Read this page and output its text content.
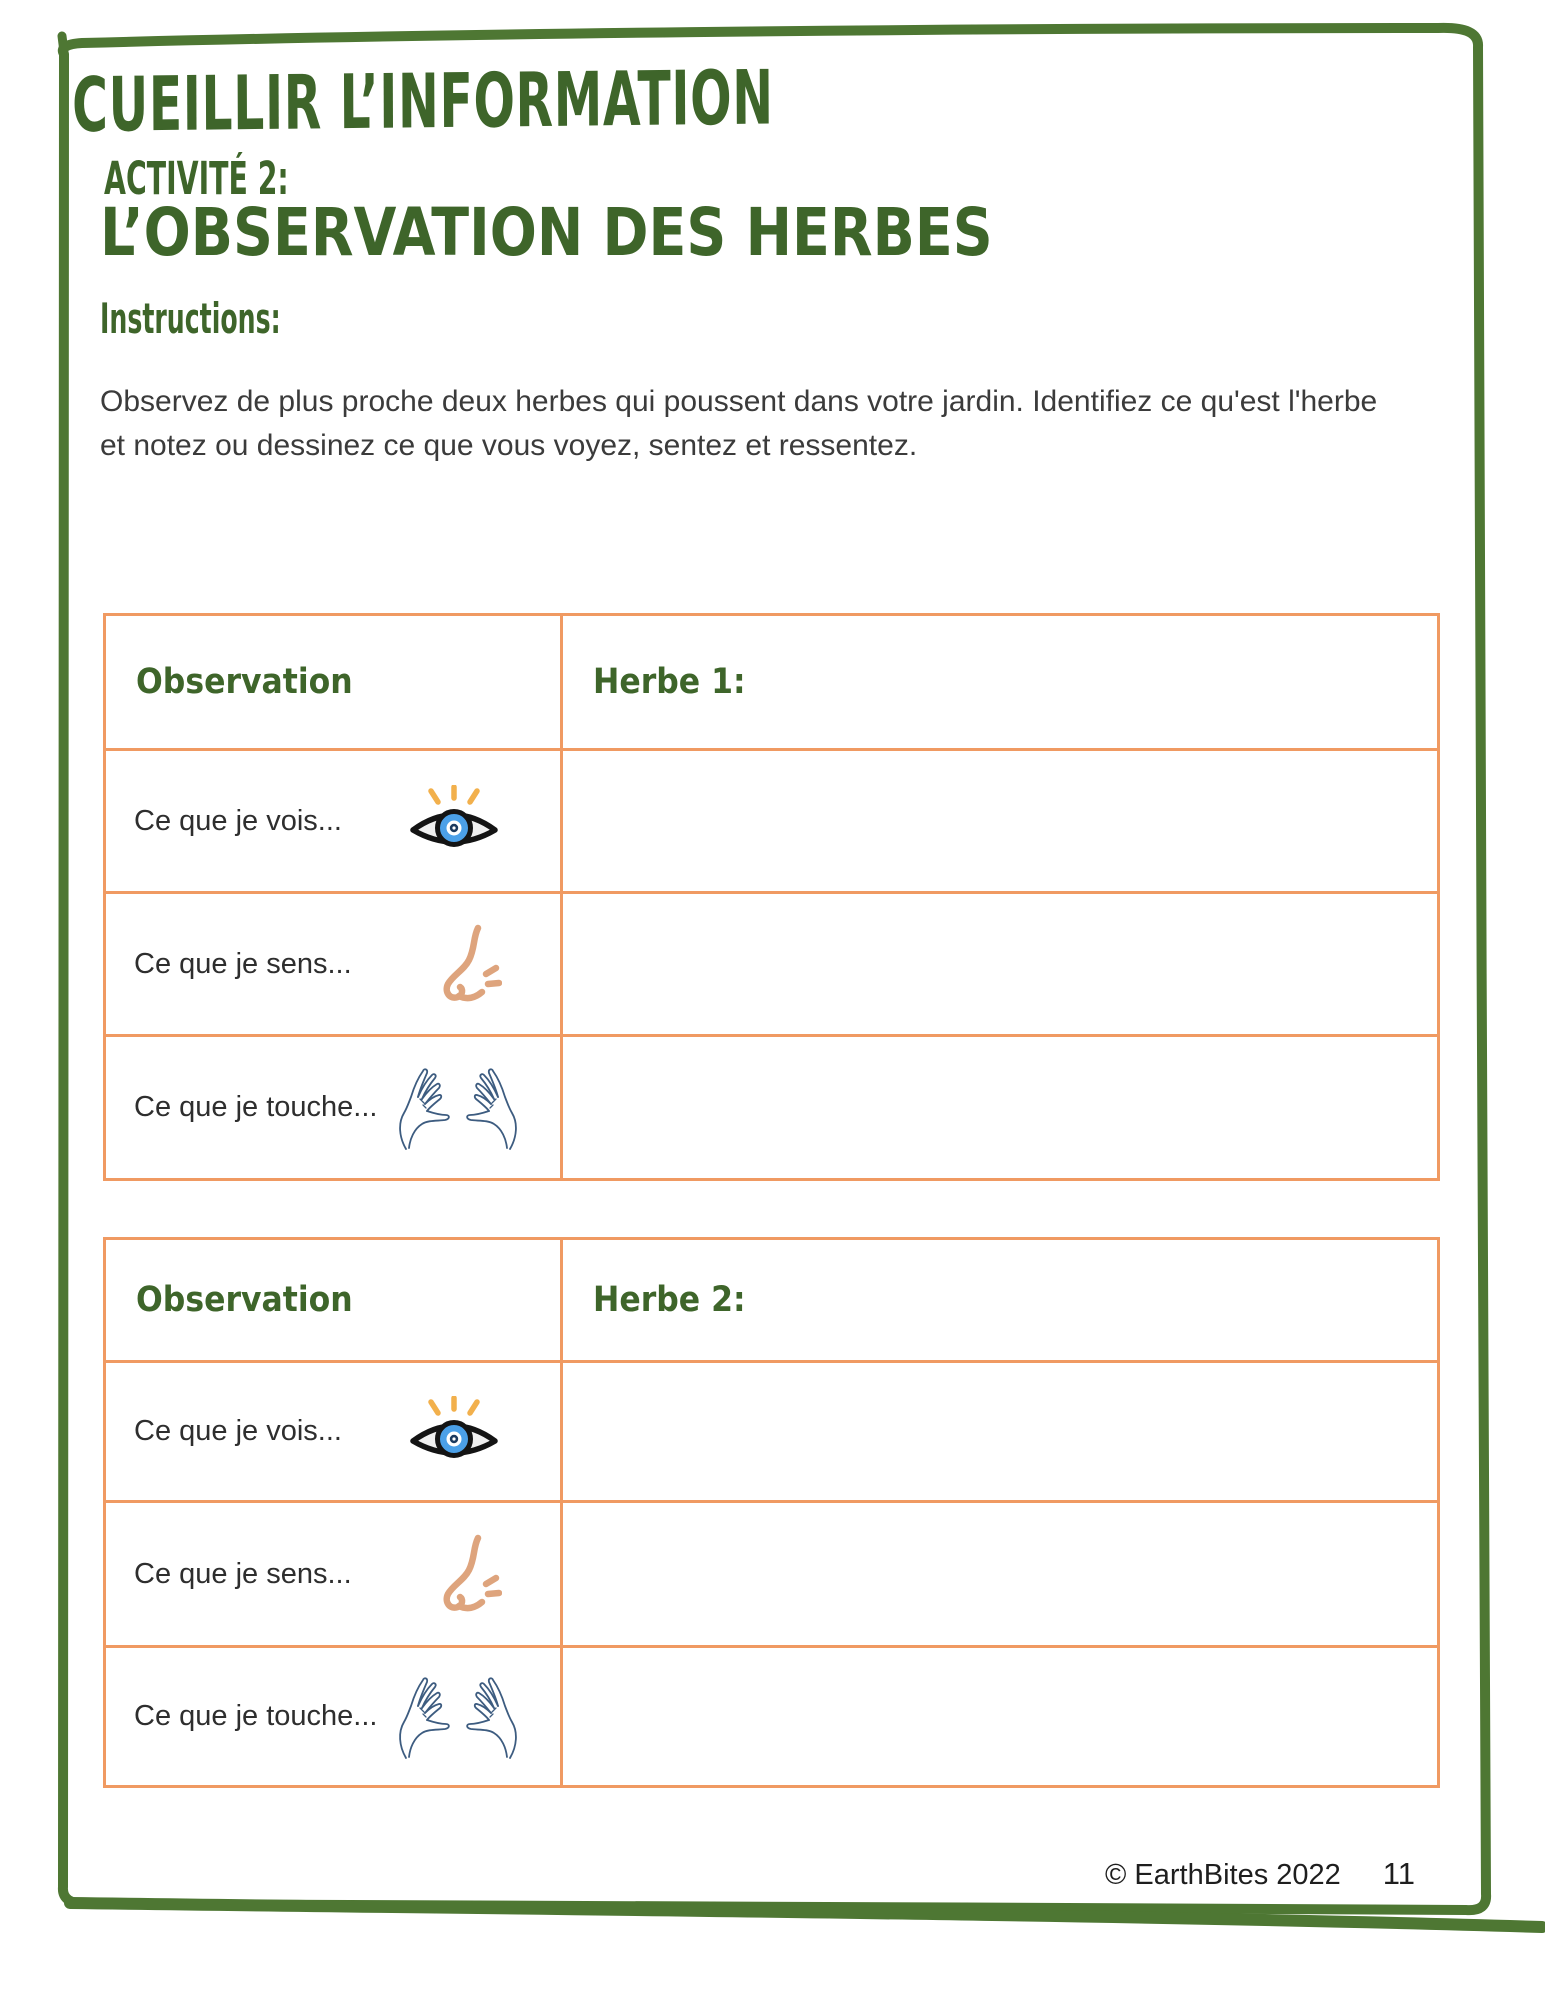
CUEILLIR L’INFORMATION
ACTIVITÉ 2:
L’OBSERVATION DES HERBES
Instructions:

Observez de plus proche deux herbes qui poussent dans votre jardin. Identifiez ce qu'est l'herbe et notez ou dessinez ce que vous voyez, sentez et ressentez.

Observation	Herbe 1:
Ce que je vois...
Ce que je sens...
Ce que je touche...
Observation	Herbe 2:
Ce que je vois...
Ce que je sens...
Ce que je touche...
© EarthBites 2022 11
